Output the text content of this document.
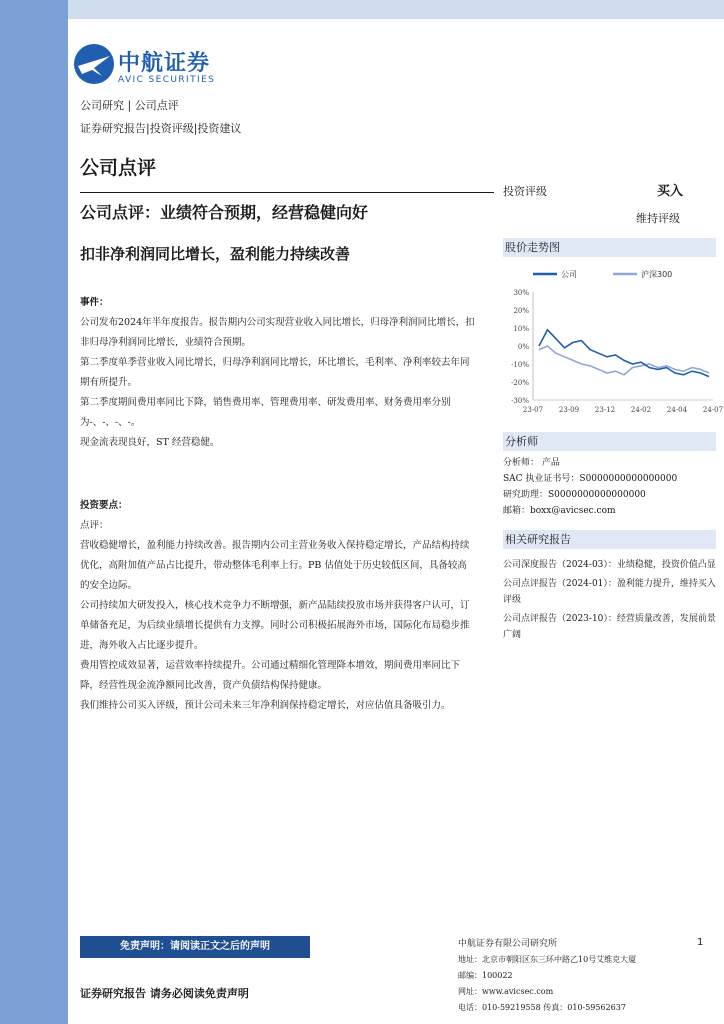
中航证券
AVIC SECURITIES
公司研究 | 公司点评
证券研究报告|投资评级|投资建议
公司点评
公司点评：业绩符合预期，经营稳健向好
扣非净利润同比增长，盈利能力持续改善
投资评级	买入
维持评级
股价走势图
公司	沪深300
30%
20%
10%
0%
-10%
-20%
-30%
23-07 23-09 23-12 24-02 24-04 24-07
分析师
分析师： 产品
SAC 执业证书号：S0000000000000000
研究助理：S0000000000000000
邮箱：boxx@avicsec.com
相关研究报告
公司深度报告（2024-03）：业绩稳健，投资价值凸显
公司点评报告（2024-01）：盈利能力提升，维持买入评级
公司点评报告（2023-10）：经营质量改善，发展前景广阔

事件：

公司发布2024年半年度报告。报告期内公司实现营业收入同比增长，归母净利润同比增长，扣非归母净利润同比增长，业绩符合预期。

第二季度单季营业收入同比增长，归母净利润同比增长，环比增长，毛利率、净利率较去年同期有所提升。

第二季度期间费用率同比下降，销售费用率、管理费用率、研发费用率、财务费用率分别为-、-、-、-。

现金流表现良好，ST 经营稳健。

投资要点：

点评：

营收稳健增长，盈利能力持续改善。报告期内公司主营业务收入保持稳定增长，产品结构持续优化，高附加值产品占比提升，带动整体毛利率上行。PB 估值处于历史较低区间，具备较高的安全边际。

公司持续加大研发投入，核心技术竞争力不断增强，新产品陆续投放市场并获得客户认可，订单储备充足，为后续业绩增长提供有力支撑。同时公司积极拓展海外市场，国际化布局稳步推进，海外收入占比逐步提升。

费用管控成效显著，运营效率持续提升。公司通过精细化管理降本增效，期间费用率同比下降，经营性现金流净额同比改善，资产负债结构保持健康。

我们维持公司买入评级，预计公司未来三年净利润保持稳定增长，对应估值具备吸引力。

免责声明：请阅读正文之后的声明
证券研究报告 请务必阅读免责声明
中航证券有限公司研究所
地址：北京市朝阳区东三环中路乙10号艾维克大厦
邮编：100022
网址：www.avicsec.com
电话：010-59219558 传真：010-59562637
1
